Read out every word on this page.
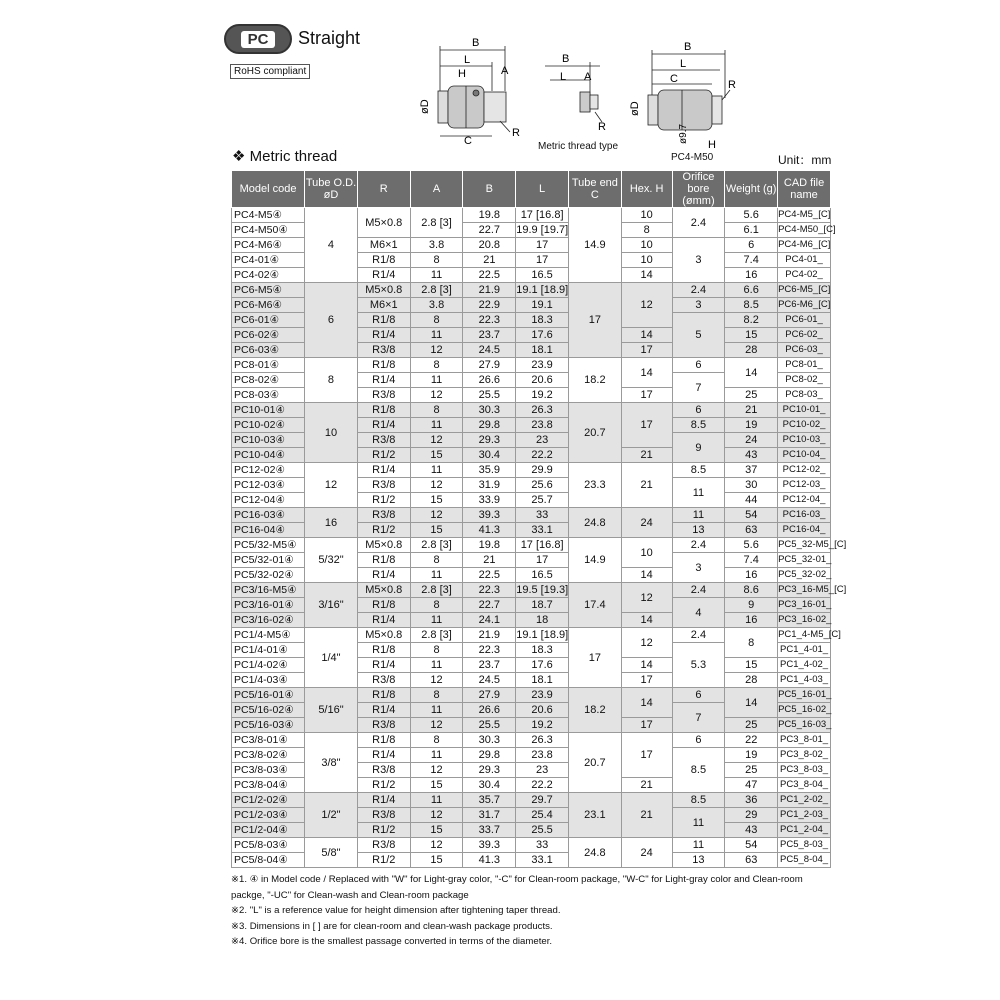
PC	Straight
RoHS compliant
B
L
H	A
C
R
øD
B
L A
R
Metric thread type
B
L
C	R
H
øD
ø9.7
PC4-M50
❖ Metric thread	Unit：mm
Model code	Tube O.D. øD	R	A	B	L	Tube end C	Hex. H	Orifice bore (ømm)	Weight (g)	CAD file name
PC4-M5④	4	M5×0.8	2.8 [3]	19.8	17 [16.8]	14.9	10	2.4	5.6	PC4-M5_[C]
PC4-M50④				22.7	19.9 [19.7]		8		6.1	PC4-M50_[C]
PC4-M6④		M6×1	3.8	20.8	17		10	3	6	PC4-M6_[C]
PC4-01④		R1/8	8	21	17		10		7.4	PC4-01_
PC4-02④		R1/4	11	22.5	16.5		14		16	PC4-02_
PC6-M5④	6	M5×0.8	2.8 [3]	21.9	19.1 [18.9]	17	12	2.4	6.6	PC6-M5_[C]
PC6-M6④		M6×1	3.8	22.9	19.1			3	8.5	PC6-M6_[C]
PC6-01④		R1/8	8	22.3	18.3			5	8.2	PC6-01_
PC6-02④		R1/4	11	23.7	17.6		14		15	PC6-02_
PC6-03④		R3/8	12	24.5	18.1		17		28	PC6-03_
PC8-01④	8	R1/8	8	27.9	23.9	18.2	14	6	14	PC8-01_
PC8-02④		R1/4	11	26.6	20.6			7		PC8-02_
PC8-03④		R3/8	12	25.5	19.2		17		25	PC8-03_
PC10-01④	10	R1/8	8	30.3	26.3	20.7	17	6	21	PC10-01_
PC10-02④		R1/4	11	29.8	23.8			8.5	19	PC10-02_
PC10-03④		R3/8	12	29.3	23			9	24	PC10-03_
PC10-04④		R1/2	15	30.4	22.2		21		43	PC10-04_
PC12-02④	12	R1/4	11	35.9	29.9	23.3	21	8.5	37	PC12-02_
PC12-03④		R3/8	12	31.9	25.6			11	30	PC12-03_
PC12-04④		R1/2	15	33.9	25.7				44	PC12-04_
PC16-03④	16	R3/8	12	39.3	33	24.8	24	11	54	PC16-03_
PC16-04④		R1/2	15	41.3	33.1			13	63	PC16-04_
PC5/32-M5④	5/32"	M5×0.8	2.8 [3]	19.8	17 [16.8]	14.9	10	2.4	5.6	PC5_32-M5_[C]
PC5/32-01④		R1/8	8	21	17			3	7.4	PC5_32-01_
PC5/32-02④		R1/4	11	22.5	16.5		14		16	PC5_32-02_
PC3/16-M5④	3/16"	M5×0.8	2.8 [3]	22.3	19.5 [19.3]	17.4	12	2.4	8.6	PC3_16-M5_[C]
PC3/16-01④		R1/8	8	22.7	18.7			4	9	PC3_16-01_
PC3/16-02④		R1/4	11	24.1	18		14		16	PC3_16-02_
PC1/4-M5④	1/4"	M5×0.8	2.8 [3]	21.9	19.1 [18.9]	17	12	2.4	8	PC1_4-M5_[C]
PC1/4-01④		R1/8	8	22.3	18.3			5.3		PC1_4-01_
PC1/4-02④		R1/4	11	23.7	17.6		14		15	PC1_4-02_
PC1/4-03④		R3/8	12	24.5	18.1		17		28	PC1_4-03_
PC5/16-01④	5/16"	R1/8	8	27.9	23.9	18.2	14	6	14	PC5_16-01_
PC5/16-02④		R1/4	11	26.6	20.6			7		PC5_16-02_
PC5/16-03④		R3/8	12	25.5	19.2		17		25	PC5_16-03_
PC3/8-01④	3/8"	R1/8	8	30.3	26.3	20.7	17	6	22	PC3_8-01_
PC3/8-02④		R1/4	11	29.8	23.8			8.5	19	PC3_8-02_
PC3/8-03④		R3/8	12	29.3	23				25	PC3_8-03_
PC3/8-04④		R1/2	15	30.4	22.2		21		47	PC3_8-04_
PC1/2-02④	1/2"	R1/4	11	35.7	29.7	23.1	21	8.5	36	PC1_2-02_
PC1/2-03④		R3/8	12	31.7	25.4			11	29	PC1_2-03_
PC1/2-04④		R1/2	15	33.7	25.5				43	PC1_2-04_
PC5/8-03④	5/8"	R3/8	12	39.3	33	24.8	24	11	54	PC5_8-03_
PC5/8-04④		R1/2	15	41.3	33.1			13	63	PC5_8-04_
※1. ④ in Model code / Replaced with "W" for Light-gray color, "-C" for Clean-room package, "W-C" for Light-gray color and Clean-room packge, "-UC" for Clean-wash and Clean-room package
※2. "L" is a reference value for height dimension after tightening taper thread.
※3. Dimensions in [ ] are for clean-room and clean-wash package products.
※4. Orifice bore is the smallest passage converted in terms of the diameter.
